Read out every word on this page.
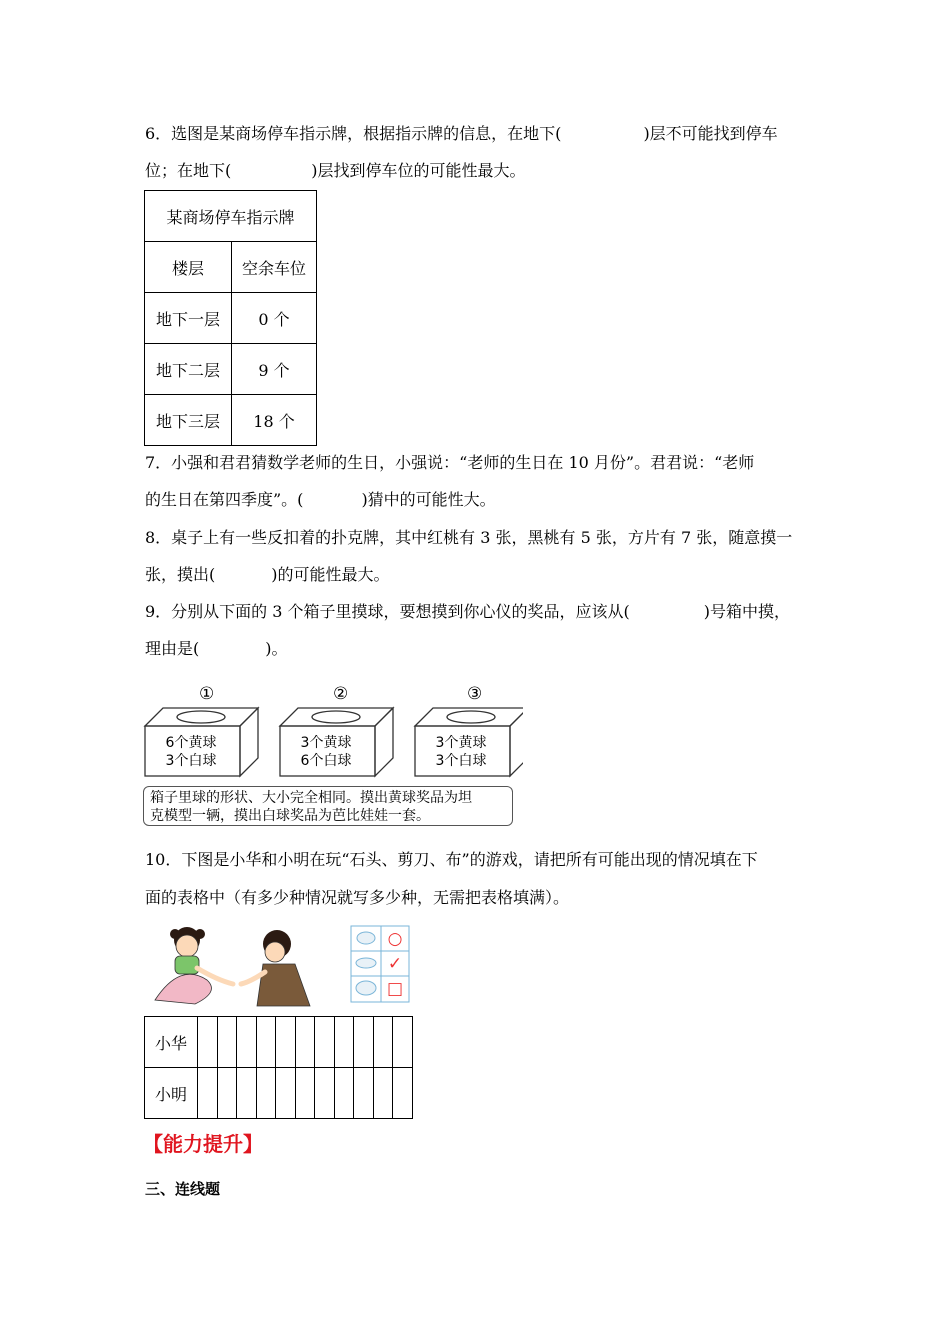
6．选图是某商场停车指示牌，根据指示牌的信息，在地下(	)层不可能找到停车
位；在地下(	)层找到停车位的可能性最大。
某商场停车指示牌	
楼层	空余车位
地下一层	0 个
地下二层	9 个
地下三层	18 个
7．小强和君君猜数学老师的生日，小强说：“老师的生日在 10 月份”。君君说：“老师
的生日在第四季度”。(	)猜中的可能性大。
8．桌子上有一些反扣着的扑克牌，其中红桃有 3 张，黑桃有 5 张，方片有 7 张，随意摸一
张，摸出(	)的可能性最大。
9．分别从下面的 3 个箱子里摸球，要想摸到你心仪的奖品，应该从(	)号箱中摸，
理由是(	)。
①	②	③
6个黄球
3个白球
3个黄球
6个白球
3个黄球
3个白球
箱子里球的形状、大小完全相同。摸出黄球奖品为坦
克模型一辆，摸出白球奖品为芭比娃娃一套。
10．下图是小华和小明在玩“石头、剪刀、布”的游戏，请把所有可能出现的情况填在下
面的表格中（有多少种情况就写多少种，无需把表格填满）。
○
✓
□
小华											
小明											
【能力提升】
三、连线题
